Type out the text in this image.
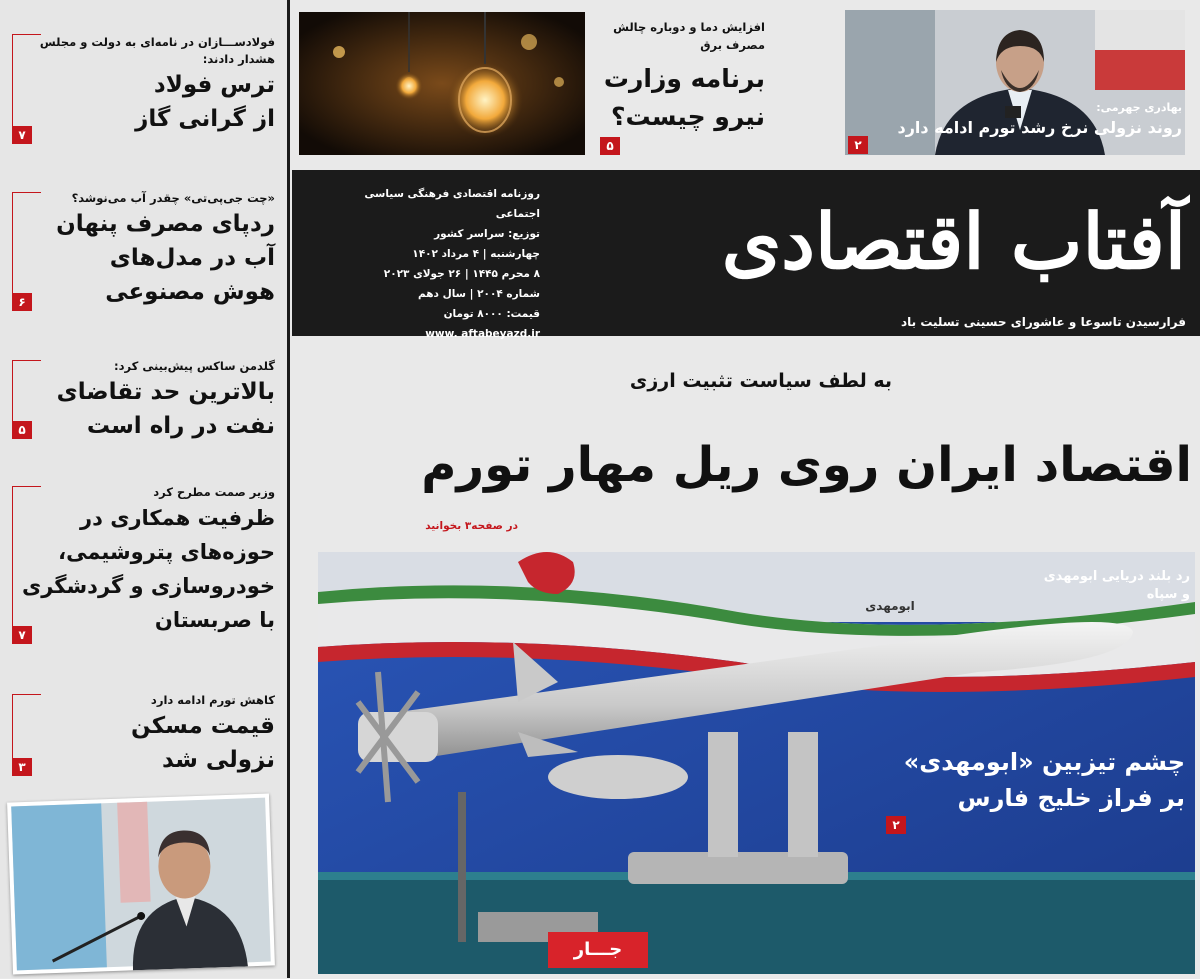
فولادســـازان در نامه‌ای به دولت و مجلس هشدار دادند:
ترس فولاد
از گرانی گاز
۷
«چت جی‌پی‌تی» چقدر آب می‌نوشد؟
ردپای مصرف پنهان
آب در مدل‌های
هوش مصنوعی
۶
گلدمن ساکس پیش‌بینی کرد:
بالاترین حد تقاضای
نفت در راه است
۵
وزیر صمت مطرح کرد
ظرفیت همکاری در
حوزه‌های پتروشیمی،
خودروسازی و گردشگری
با صربستان
۷
کاهش تورم ادامه دارد
قیمت مسکن
نزولی شد
۳
افزایش دما و دوباره چالش مصرف برق
برنامه وزارت
نیرو چیست؟
۵
بهادری جهرمی:
روند نزولی نرخ رشد تورم ادامه دارد
۲
آفتاب اقتصادی
فرارسیدن تاسوعا و عاشورای حسینی تسلیت باد
روزنامه اقتصادی فرهنگی سیاسی اجتماعی
توزیع: سراسر کشور
چهارشنبه | ۴ مرداد ۱۴۰۲
۸ محرم ۱۴۴۵ | ۲۶ جولای ۲۰۲۳
شماره ۲۰۰۴ | سال دهم
قیمت: ۸۰۰۰ تومان
www. aftabeyazd.ir
به لطف سیاست تثبیت ارزی
اقتصاد ایران روی ریل مهار تورم
در صفحه۳ بخوانید
رد بلند دریایی ابومهدی
و سپاه
ابومهدی
چشم تیزبین «ابومهدی»
بر فراز خلیج فارس
۲
جـــار
